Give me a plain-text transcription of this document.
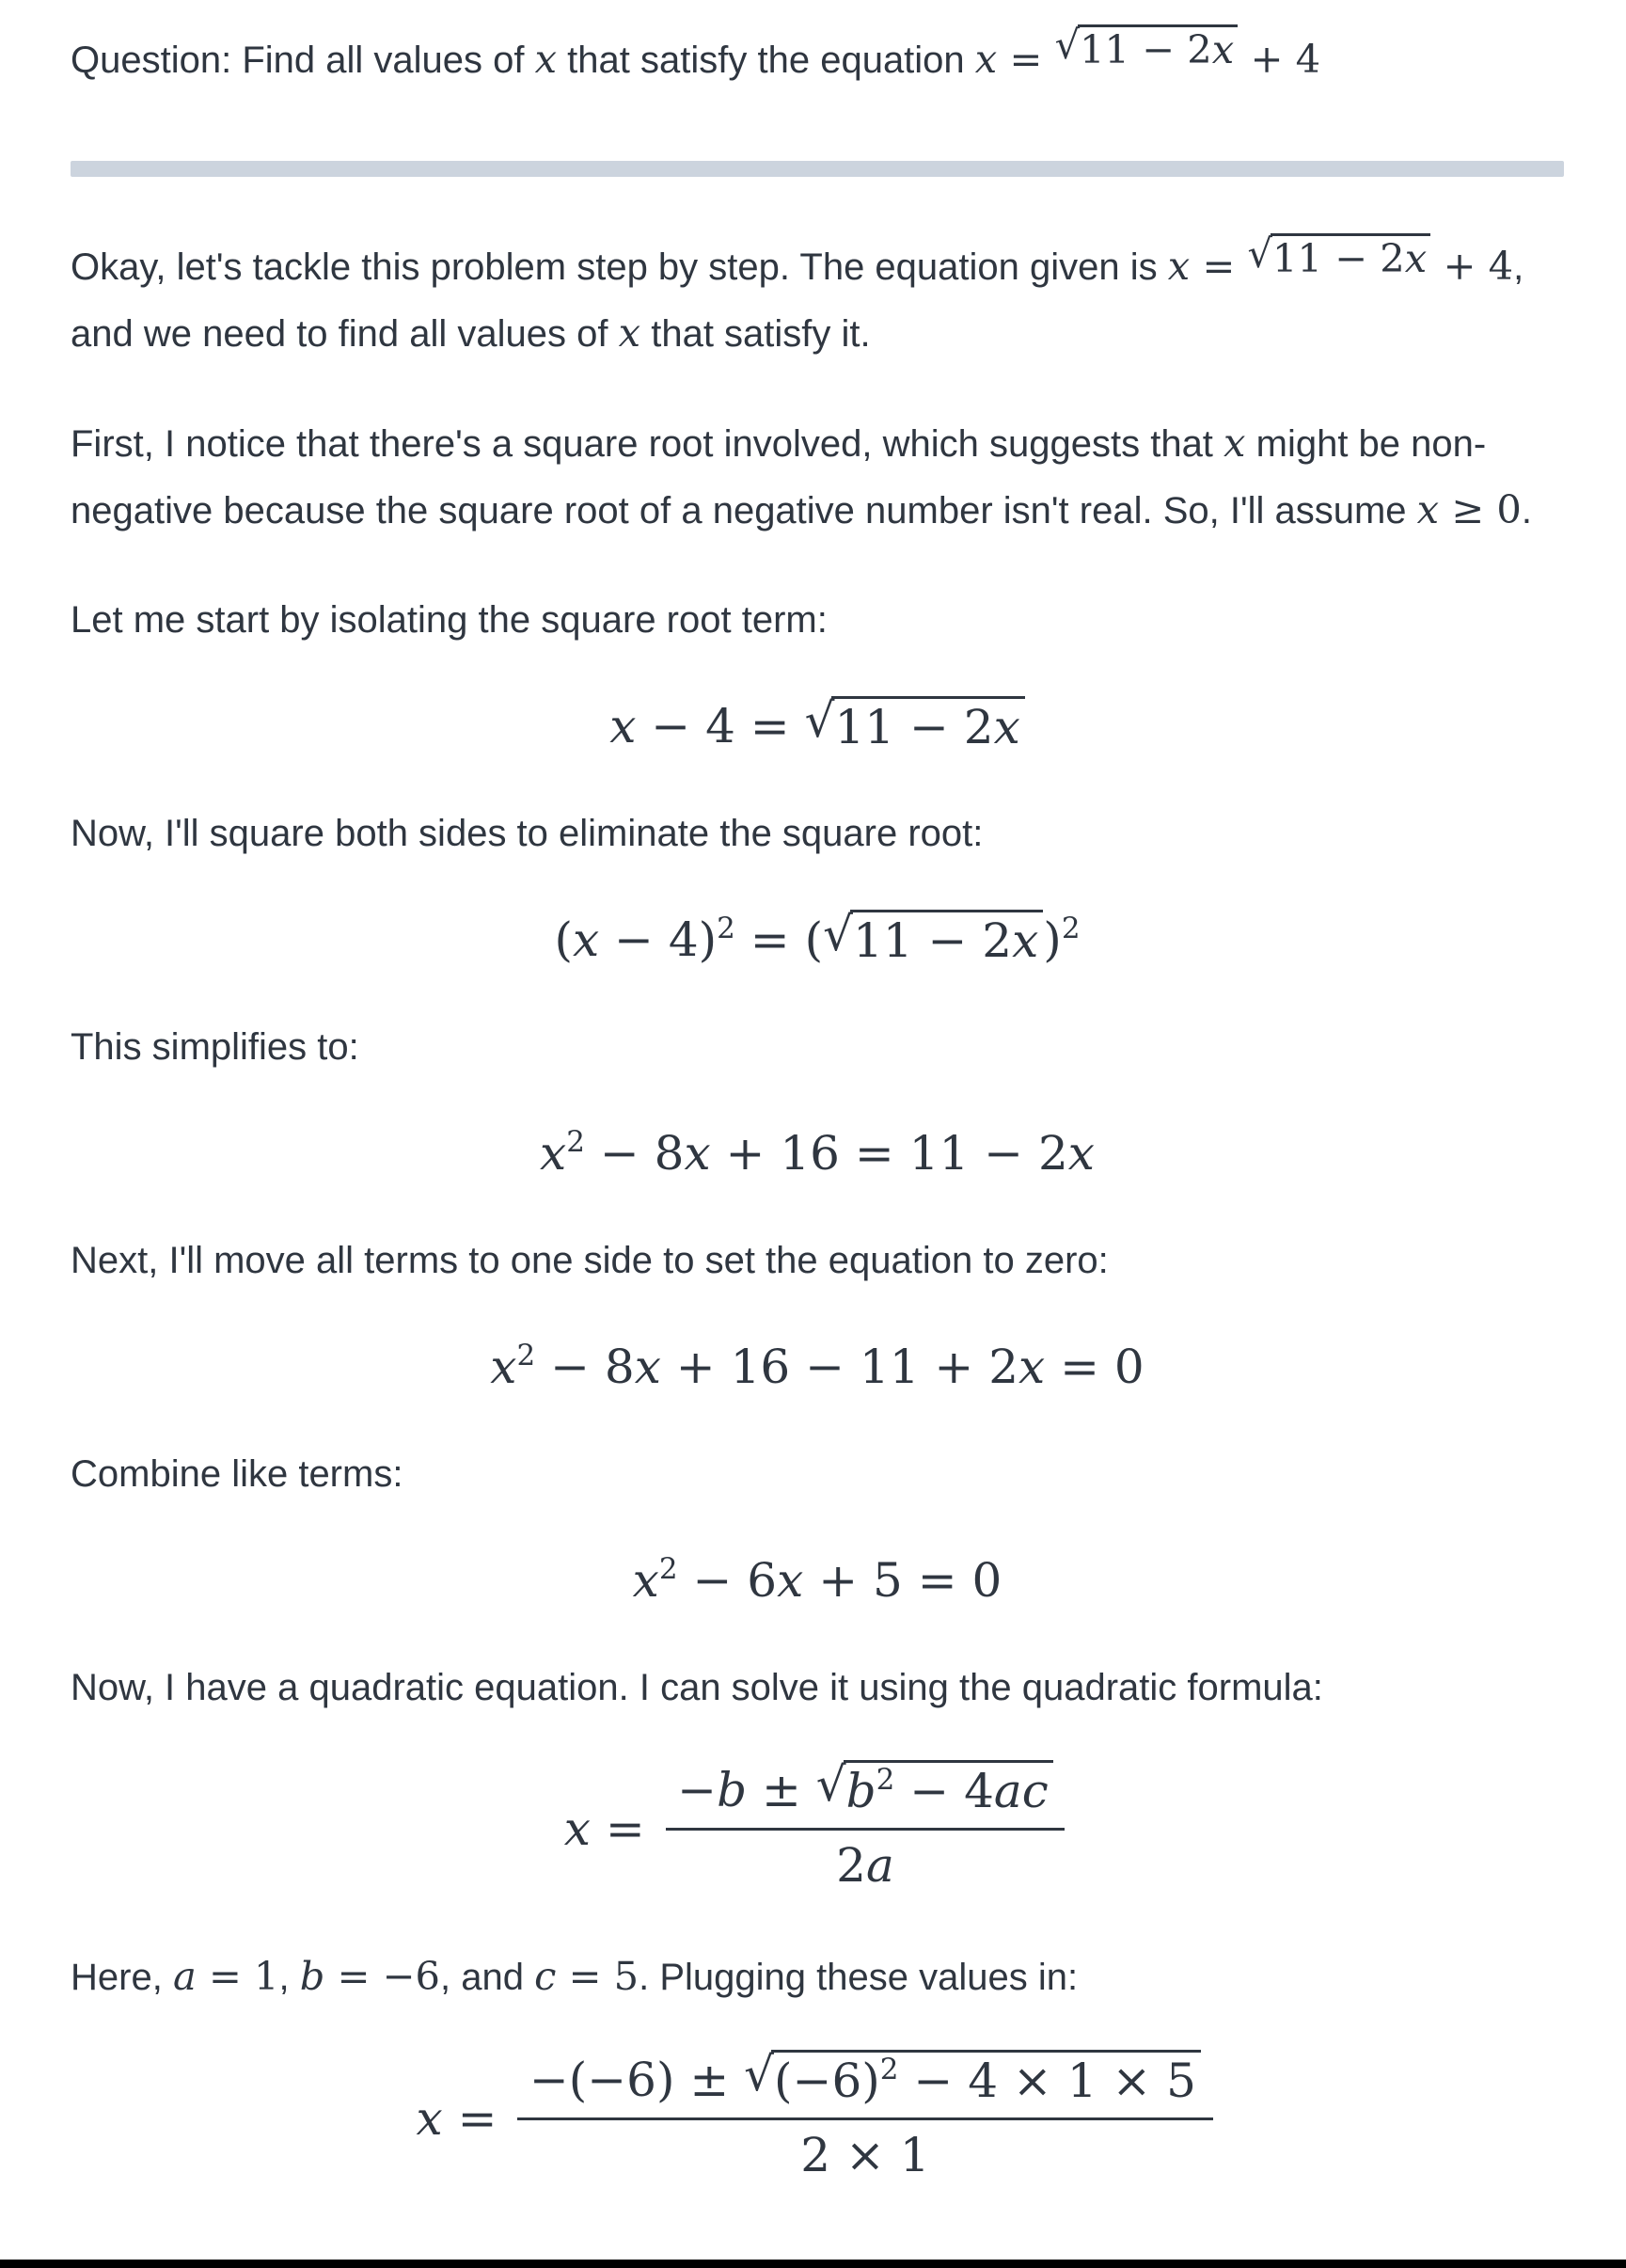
Question: Find all values of x that satisfy the equation x = √11 − 2x + 4

Okay, let's tackle this problem step by step. The equation given is x = √11 − 2x + 4, and we need to find all values of x that satisfy it.

First, I notice that there's a square root involved, which suggests that x might be non-negative because the square root of a negative number isn't real. So, I'll assume x ≥ 0.

Let me start by isolating the square root term:

x − 4 = √11 − 2x

Now, I'll square both sides to eliminate the square root:

$(x - 4)^2 = (√11 - 2x$ )$^2$

This simplifies to:

$x^2 - 8x + 16 = 11 - 2x$

Next, I'll move all terms to one side to set the equation to zero:

$x^2 - 8x + 16 - 11 + 2x = 0$

Combine like terms:

$x^2 - 6x + 5 = 0$

Now, I have a quadratic equation. I can solve it using the quadratic formula:

$x = \frac{-b \pm √b^2 - 4ac}{2a}$

Here, a = 1, b = −6, and c = 5. Plugging these values in:

$x = \frac{-(-6) \pm √(-6)^2 - 4 \times 1 \times 5}{2 \times 1}$
